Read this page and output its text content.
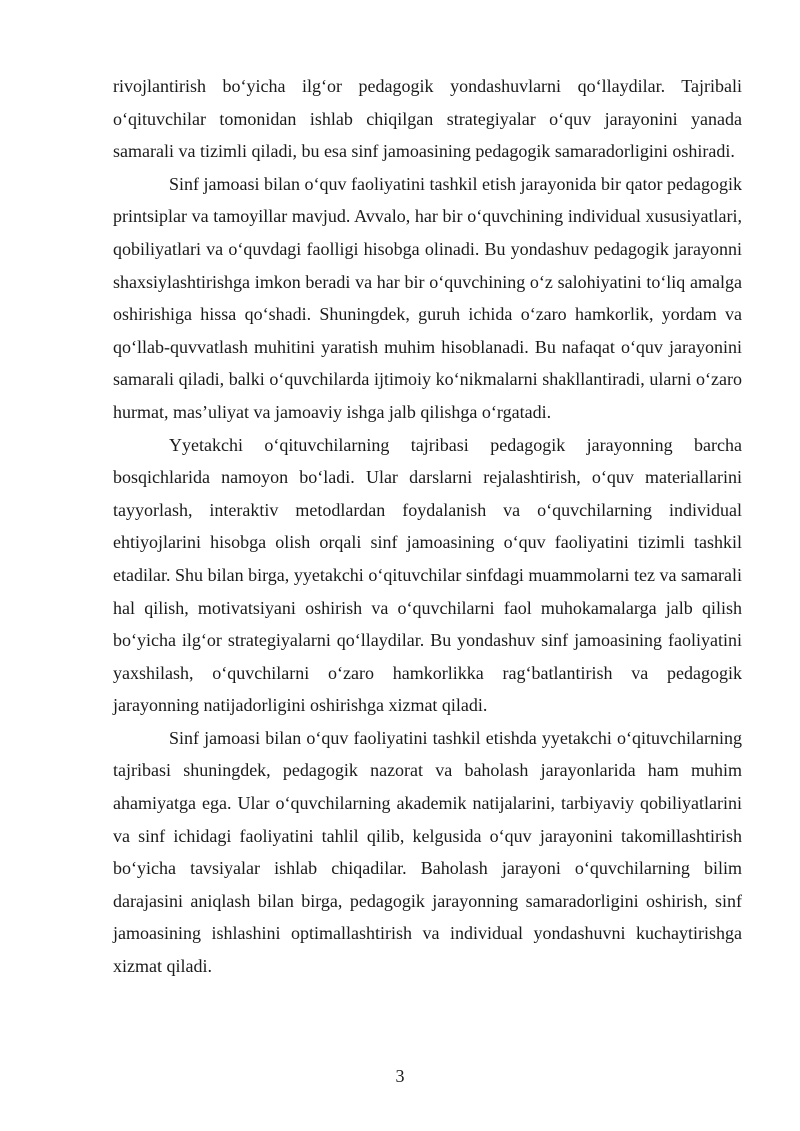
rivojlantirish bo‘yicha ilg‘or pedagogik yondashuvlarni qo‘llaydilar. Tajribali o‘qituvchilar tomonidan ishlab chiqilgan strategiyalar o‘quv jarayonini yanada samarali va tizimli qiladi, bu esa sinf jamoasining pedagogik samaradorligini oshiradi.

Sinf jamoasi bilan o‘quv faoliyatini tashkil etish jarayonida bir qator pedagogik printsiplar va tamoyillar mavjud. Avvalo, har bir o‘quvchining individual xususiyatlari, qobiliyatlari va o‘quvdagi faolligi hisobga olinadi. Bu yondashuv pedagogik jarayonni shaxsiylashtirishga imkon beradi va har bir o‘quvchining o‘z salohiyatini to‘liq amalga oshirishiga hissa qo‘shadi. Shuningdek, guruh ichida o‘zaro hamkorlik, yordam va qo‘llab-quvvatlash muhitini yaratish muhim hisoblanadi. Bu nafaqat o‘quv jarayonini samarali qiladi, balki o‘quvchilarda ijtimoiy ko‘nikmalarni shakllantiradi, ularni o‘zaro hurmat, mas’uliyat va jamoaviy ishga jalb qilishga o‘rgatadi.

Yyetakchi o‘qituvchilarning tajribasi pedagogik jarayonning barcha bosqichlarida namoyon bo‘ladi. Ular darslarni rejalashtirish, o‘quv materiallarini tayyorlash, interaktiv metodlardan foydalanish va o‘quvchilarning individual ehtiyojlarini hisobga olish orqali sinf jamoasining o‘quv faoliyatini tizimli tashkil etadilar. Shu bilan birga, yyetakchi o‘qituvchilar sinfdagi muammolarni tez va samarali hal qilish, motivatsiyani oshirish va o‘quvchilarni faol muhokamalarga jalb qilish bo‘yicha ilg‘or strategiyalarni qo‘llaydilar. Bu yondashuv sinf jamoasining faoliyatini yaxshilash, o‘quvchilarni o‘zaro hamkorlikka rag‘batlantirish va pedagogik jarayonning natijadorligini oshirishga xizmat qiladi.

Sinf jamoasi bilan o‘quv faoliyatini tashkil etishda yyetakchi o‘qituvchilarning tajribasi shuningdek, pedagogik nazorat va baholash jarayonlarida ham muhim ahamiyatga ega. Ular o‘quvchilarning akademik natijalarini, tarbiyaviy qobiliyatlarini va sinf ichidagi faoliyatini tahlil qilib, kelgusida o‘quv jarayonini takomillashtirish bo‘yicha tavsiyalar ishlab chiqadilar. Baholash jarayoni o‘quvchilarning bilim darajasini aniqlash bilan birga, pedagogik jarayonning samaradorligini oshirish, sinf jamoasining ishlashini optimallashtirish va individual yondashuvni kuchaytirishga xizmat qiladi.

3
